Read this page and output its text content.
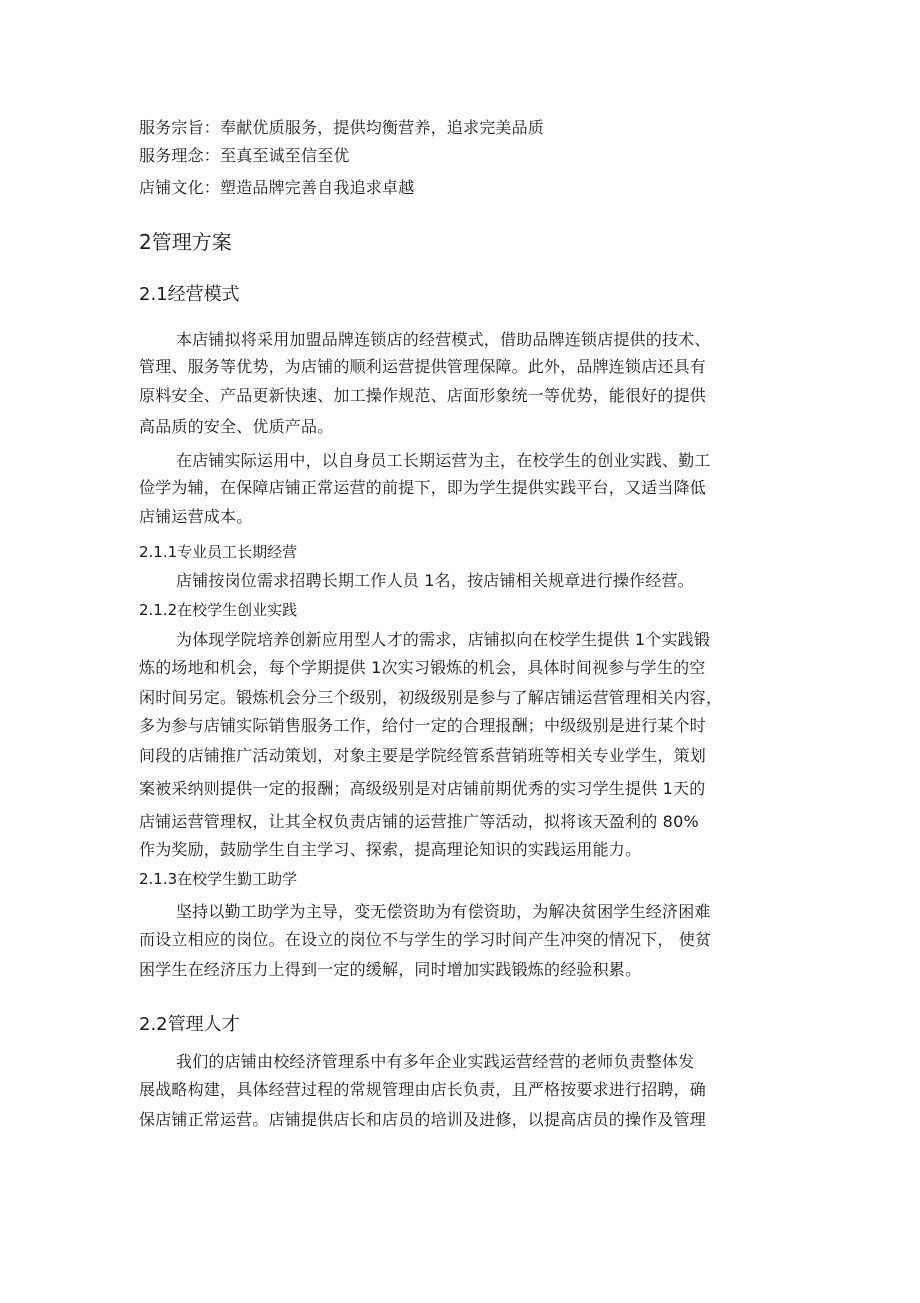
服务宗旨：奉献优质服务，提供均衡营养，追求完美品质
服务理念：至真至诚至信至优
店铺文化：塑造品牌完善自我追求卓越
2管理方案
2.1经营模式
本店铺拟将采用加盟品牌连锁店的经营模式，借助品牌连锁店提供的技术、
管理、服务等优势，为店铺的顺利运营提供管理保障。此外，品牌连锁店还具有
原料安全、产品更新快速、加工操作规范、店面形象统一等优势，能很好的提供
高品质的安全、优质产品。
在店铺实际运用中，以自身员工长期运营为主，在校学生的创业实践、勤工
俭学为辅，在保障店铺正常运营的前提下，即为学生提供实践平台，又适当降低
店铺运营成本。
2.1.1专业员工长期经营
店铺按岗位需求招聘长期工作人员 1名，按店铺相关规章进行操作经营。
2.1.2在校学生创业实践
为体现学院培养创新应用型人才的需求，店铺拟向在校学生提供 1个实践锻
炼的场地和机会，每个学期提供 1次实习锻炼的机会，具体时间视参与学生的空
闲时间另定。锻炼机会分三个级别，初级级别是参与了解店铺运营管理相关内容，
多为参与店铺实际销售服务工作，给付一定的合理报酬；中级级别是进行某个时
间段的店铺推广活动策划，对象主要是学院经管系营销班等相关专业学生，策划
案被采纳则提供一定的报酬；高级级别是对店铺前期优秀的实习学生提供 1天的
店铺运营管理权，让其全权负责店铺的运营推广等活动，拟将该天盈利的 80%
作为奖励，鼓励学生自主学习、探索，提高理论知识的实践运用能力。
2.1.3在校学生勤工助学
坚持以勤工助学为主导，变无偿资助为有偿资助，为解决贫困学生经济困难
而设立相应的岗位。在设立的岗位不与学生的学习时间产生冲突的情况下， 使贫
困学生在经济压力上得到一定的缓解，同时增加实践锻炼的经验积累。
2.2管理人才
我们的店铺由校经济管理系中有多年企业实践运营经营的老师负责整体发
展战略构建，具体经营过程的常规管理由店长负责，且严格按要求进行招聘，确
保店铺正常运营。店铺提供店长和店员的培训及进修，以提高店员的操作及管理
